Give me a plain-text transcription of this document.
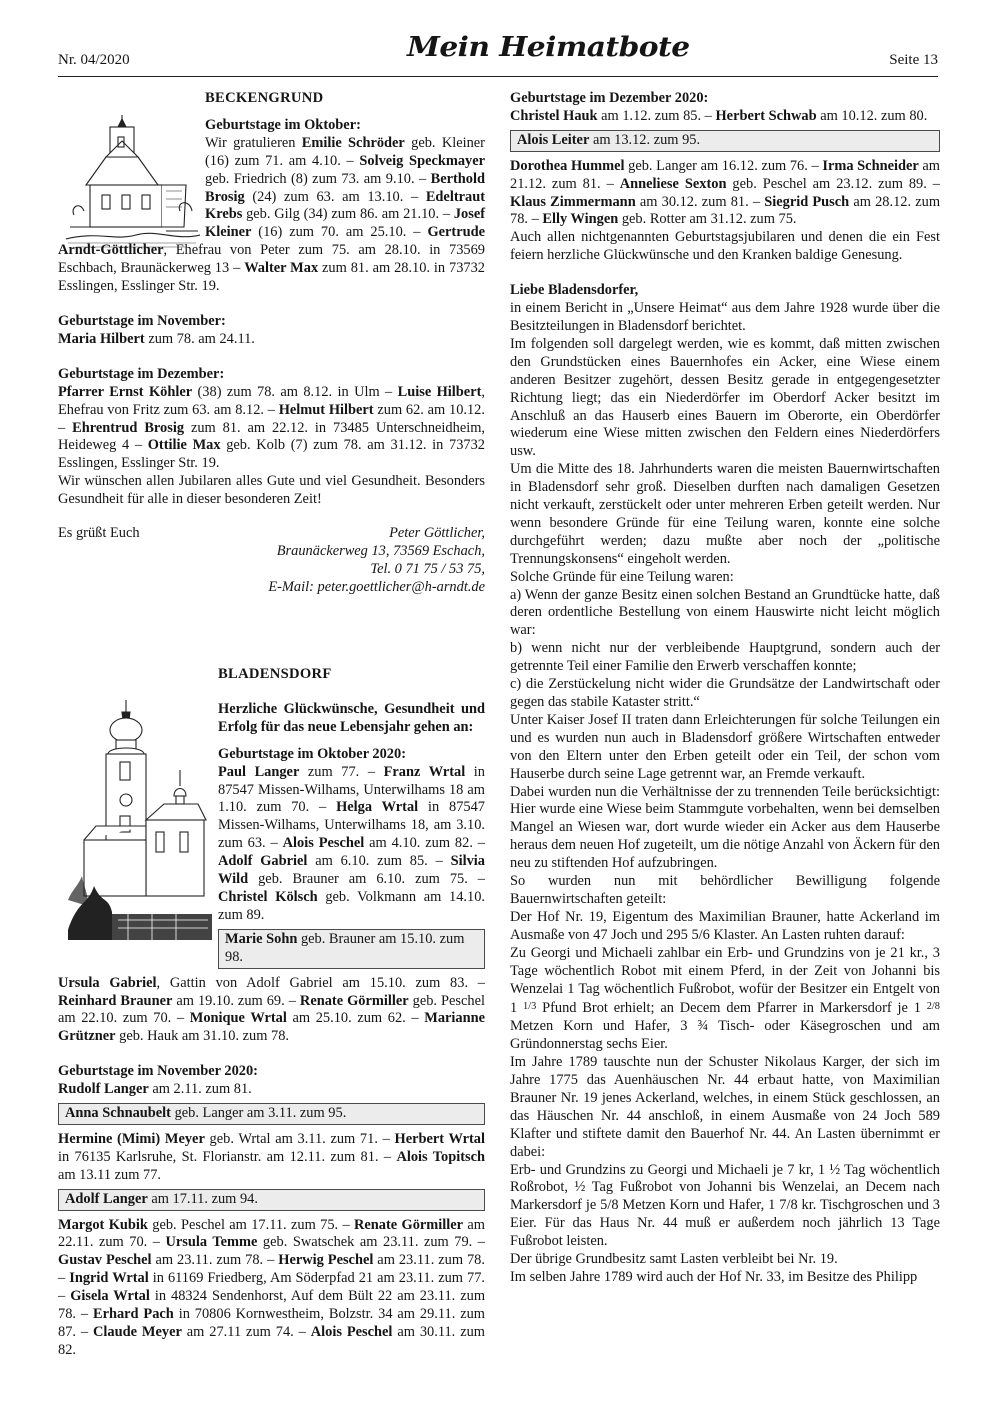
Nr. 04/2020	Mein Heimatbote	Seite 13

BECKENGRUND

Geburtstage im Oktober:

Wir gratulieren Emilie Schröder geb. Kleiner (16) zum 71. am 4.10. – Solveig Speckmayer geb. Friedrich (8) zum 73. am 9.10. – Berthold Brosig (24) zum 63. am 13.10. – Edeltraut Krebs geb. Gilg (34) zum 86. am 21.10. – Josef Kleiner (16) zum 70. am 25.10. – Gertrude Arndt-Göttlicher, Ehefrau von Peter zum 75. am 28.10. in 73569 Eschbach, Braunäckerweg 13 – Walter Max zum 81. am 28.10. in 73732 Esslingen, Esslinger Str. 19.

Geburtstage im November:

Maria Hilbert zum 78. am 24.11.

Geburtstage im Dezember:

Pfarrer Ernst Köhler (38) zum 78. am 8.12. in Ulm – Luise Hilbert, Ehefrau von Fritz zum 63. am 8.12. – Helmut Hilbert zum 62. am 10.12. – Ehrentrud Brosig zum 81. am 22.12. in 73485 Unterschneidheim, Heideweg 4 – Ottilie Max geb. Kolb (7) zum 78. am 31.12. in 73732 Esslingen, Esslinger Str. 19.

Wir wünschen allen Jubilaren alles Gute und viel Gesundheit. Besonders Gesundheit für alle in dieser besonderen Zeit!

Es grüßt Euch	Peter Göttlicher,
Braunäckerweg 13, 73569 Eschach,
Tel. 0 71 75 / 53 75,
E-Mail: peter.goettlicher@h-arndt.de

BLADENSDORF

Herzliche Glückwünsche, Gesundheit und Erfolg für das neue Lebensjahr gehen an:

Geburtstage im Oktober 2020:

Paul Langer zum 77. – Franz Wrtal in 87547 Missen-Wilhams, Unterwilhams 18 am 1.10. zum 70. – Helga Wrtal in 87547 Missen-Wilhams, Unterwilhams 18, am 3.10. zum 63. – Alois Peschel am 4.10. zum 82. – Adolf Gabriel am 6.10. zum 85. – Silvia Wild geb. Brauner am 6.10. zum 75. – Christel Kölsch geb. Volkmann am 14.10. zum 89.

Marie Sohn geb. Brauner am 15.10. zum 98.

Ursula Gabriel, Gattin von Adolf Gabriel am 15.10. zum 83. – Reinhard Brauner am 19.10. zum 69. – Renate Görmiller geb. Peschel am 22.10. zum 70. – Monique Wrtal am 25.10. zum 62. – Marianne Grützner geb. Hauk am 31.10. zum 78.

Geburtstage im November 2020:

Rudolf Langer am 2.11. zum 81.

Anna Schnaubelt geb. Langer am 3.11. zum 95.

Hermine (Mimi) Meyer geb. Wrtal am 3.11. zum 71. – Herbert Wrtal in 76135 Karlsruhe, St. Florianstr. am 12.11. zum 81. – Alois Topitsch am 13.11 zum 77.

Adolf Langer am 17.11. zum 94.

Margot Kubik geb. Peschel am 17.11. zum 75. – Renate Görmiller am 22.11. zum 70. – Ursula Temme geb. Swatschek am 23.11. zum 79. – Gustav Peschel am 23.11. zum 78. – Herwig Peschel am 23.11. zum 78. – Ingrid Wrtal in 61169 Friedberg, Am Söderpfad 21 am 23.11. zum 77. – Gisela Wrtal in 48324 Sendenhorst, Auf dem Bült 22 am 23.11. zum 78. – Erhard Pach in 70806 Kornwestheim, Bolzstr. 34 am 29.11. zum 87. – Claude Meyer am 27.11 zum 74. – Alois Peschel am 30.11. zum 82.

Geburtstage im Dezember 2020:

Christel Hauk am 1.12. zum 85. – Herbert Schwab am 10.12. zum 80.

Alois Leiter am 13.12. zum 95.

Dorothea Hummel geb. Langer am 16.12. zum 76. – Irma Schneider am 21.12. zum 81. – Anneliese Sexton geb. Peschel am 23.12. zum 89. – Klaus Zimmermann am 30.12. zum 81. – Siegrid Pusch am 28.12. zum 78. – Elly Wingen geb. Rotter am 31.12. zum 75.

Auch allen nichtgenannten Geburtstagsjubilaren und denen die ein Fest feiern herzliche Glückwünsche und den Kranken baldige Genesung.

Liebe Bladensdorfer,

in einem Bericht in „Unsere Heimat“ aus dem Jahre 1928 wurde über die Besitzteilungen in Bladensdorf berichtet.

Im folgenden soll dargelegt werden, wie es kommt, daß mitten zwischen den Grundstücken eines Bauernhofes ein Acker, eine Wiese einem anderen Besitzer zugehört, dessen Besitz gerade in entgegengesetzter Richtung liegt; das ein Niederdörfer im Oberdorf Acker besitzt im Anschluß an das Hauserb eines Bauern im Oberorte, ein Oberdörfer wiederum eine Wiese mitten zwischen den Feldern eines Niederdörfers usw.

Um die Mitte des 18. Jahrhunderts waren die meisten Bauernwirtschaften in Bladensdorf sehr groß. Dieselben durften nach damaligen Gesetzen nicht verkauft, zerstückelt oder unter mehreren Erben geteilt werden. Nur wenn besondere Gründe für eine Teilung waren, konnte eine solche durchgeführt werden; dazu mußte aber noch der „politische Trennungskonsens“ eingeholt werden.

Solche Gründe für eine Teilung waren:

a) Wenn der ganze Besitz einen solchen Bestand an Grundtücke hatte, daß deren ordentliche Bestellung von einem Hauswirte nicht leicht möglich war:

b) wenn nicht nur der verbleibende Hauptgrund, sondern auch der getrennte Teil einer Familie den Erwerb verschaffen konnte;

c) die Zerstückelung nicht wider die Grundsätze der Landwirtschaft oder gegen das stabile Kataster stritt.“

Unter Kaiser Josef II traten dann Erleichterungen für solche Teilungen ein und es wurden nun auch in Bladensdorf größere Wirtschaften entweder von den Eltern unter den Erben geteilt oder ein Teil, der schon vom Hauserbe durch seine Lage getrennt war, an Fremde verkauft.

Dabei wurden nun die Verhältnisse der zu trennenden Teile berücksichtigt: Hier wurde eine Wiese beim Stammgute vorbehalten, wenn bei demselben Mangel an Wiesen war, dort wurde wieder ein Acker aus dem Hauserbe heraus dem neuen Hof zugeteilt, um die nötige Anzahl von Äckern für den neu zu stiftenden Hof aufzubringen.

So wurden nun mit behördlicher Bewilligung folgende Bauernwirtschaften geteilt:

Der Hof Nr. 19, Eigentum des Maximilian Brauner, hatte Ackerland im Ausmaße von 47 Joch und 295 5/6 Klaster. An Lasten ruhten darauf:

Zu Georgi und Michaeli zahlbar ein Erb- und Grundzins von je 21 kr., 3 Tage wöchentlich Robot mit einem Pferd, in der Zeit von Johanni bis Wenzelai 1 Tag wöchentlich Fußrobot, wofür der Besitzer ein Entgelt von 1 $^{1/3}$ Pfund Brot erhielt; an Decem dem Pfarrer in Markersdorf je 1 $^{2/8}$ Metzen Korn und Hafer, 3 ¾ Tisch- oder Käsegroschen und am Gründonnerstag sechs Eier.

Im Jahre 1789 tauschte nun der Schuster Nikolaus Karger, der sich im Jahre 1775 das Auenhäuschen Nr. 44 erbaut hatte, von Maximilian Brauner Nr. 19 jenes Ackerland, welches, in einem Stück geschlossen, an das Häuschen Nr. 44 anschloß, in einem Ausmaße von 24 Joch 589 Klafter und stiftete damit den Bauerhof Nr. 44. An Lasten übernimmt er dabei:

Erb- und Grundzins zu Georgi und Michaeli je 7 kr, 1 ½ Tag wöchentlich Roßrobot, ½ Tag Fußrobot von Johanni bis Wenzelai, an Decem nach Markersdorf je 5/8 Metzen Korn und Hafer, 1 7/8 kr. Tischgroschen und 3 Eier. Für das Haus Nr. 44 muß er außerdem noch jährlich 13 Tage Fußrobot leisten.

Der übrige Grundbesitz samt Lasten verbleibt bei Nr. 19.

Im selben Jahre 1789 wird auch der Hof Nr. 33, im Besitze des Philipp
